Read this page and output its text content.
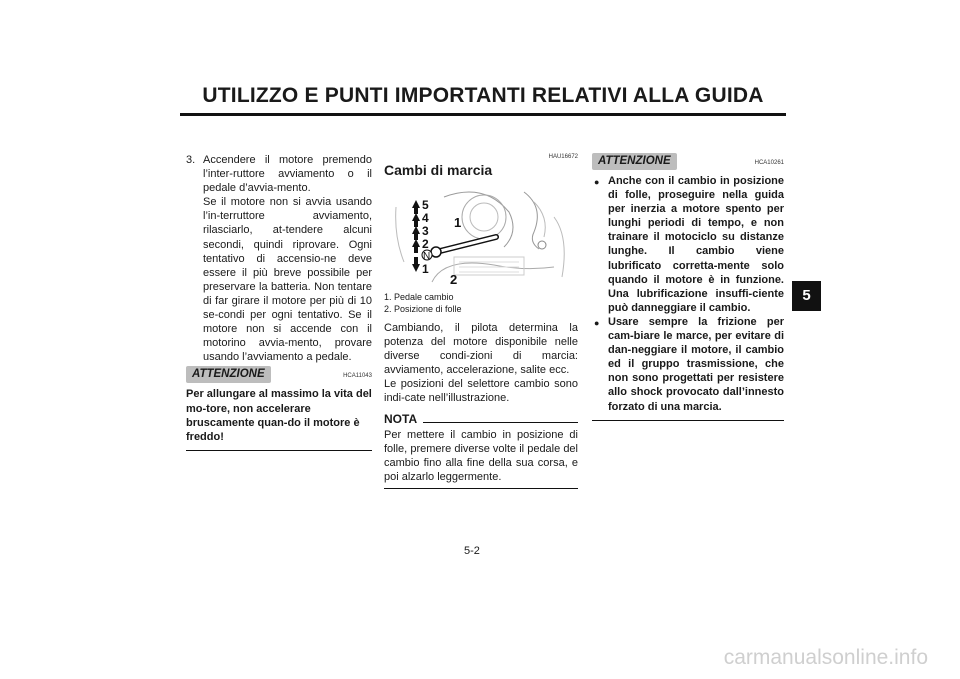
UTILIZZO E PUNTI IMPORTANTI RELATIVI ALLA GUIDA
5
3. Accendere il motore premendo l’inter-ruttore avviamento o il pedale d’avvia-mento.

Se il motore non si avvia usando l’in-terruttore avviamento, rilasciarlo, at-tendere alcuni secondi, quindi riprovare. Ogni tentativo di accensio-ne deve essere il più breve possibile per preservare la batteria. Non tentare di far girare il motore per più di 10 se-condi per ogni tentativo. Se il motore non si accende con il motorino avvia-mento, provare usando l’avviamento a pedale.

ATTENZIONE	HCA11043
Per allungare al massimo la vita del mo-tore, non accelerare bruscamente quan-do il motore è freddo!
HAU16672
Cambi di marcia
5
4
3
2
N
1
1
2
1. Pedale cambio
2. Posizione di folle
Cambiando, il pilota determina la potenza del motore disponibile nelle diverse condi-zioni di marcia: avviamento, accelerazione, salite ecc.
Le posizioni del selettore cambio sono indi-cate nell’illustrazione.
NOTA
Per mettere il cambio in posizione di folle, premere diverse volte il pedale del cambio fino alla fine della sua corsa, e poi alzarlo leggermente.
ATTENZIONE	HCA10261
● Anche con il cambio in posizione di folle, proseguire nella guida per inerzia a motore spento per lunghi periodi di tempo, e non trainare il motociclo su distanze lunghe. Il cambio viene lubrificato corretta-mente solo quando il motore è in funzione. Una lubrificazione insuffi-ciente può danneggiare il cambio.
● Usare sempre la frizione per cam-biare le marce, per evitare di dan-neggiare il motore, il cambio ed il gruppo trasmissione, che non sono progettati per resistere allo shock provocato dall’innesto forzato di una marcia.
5-2
carmanualsonline.info
